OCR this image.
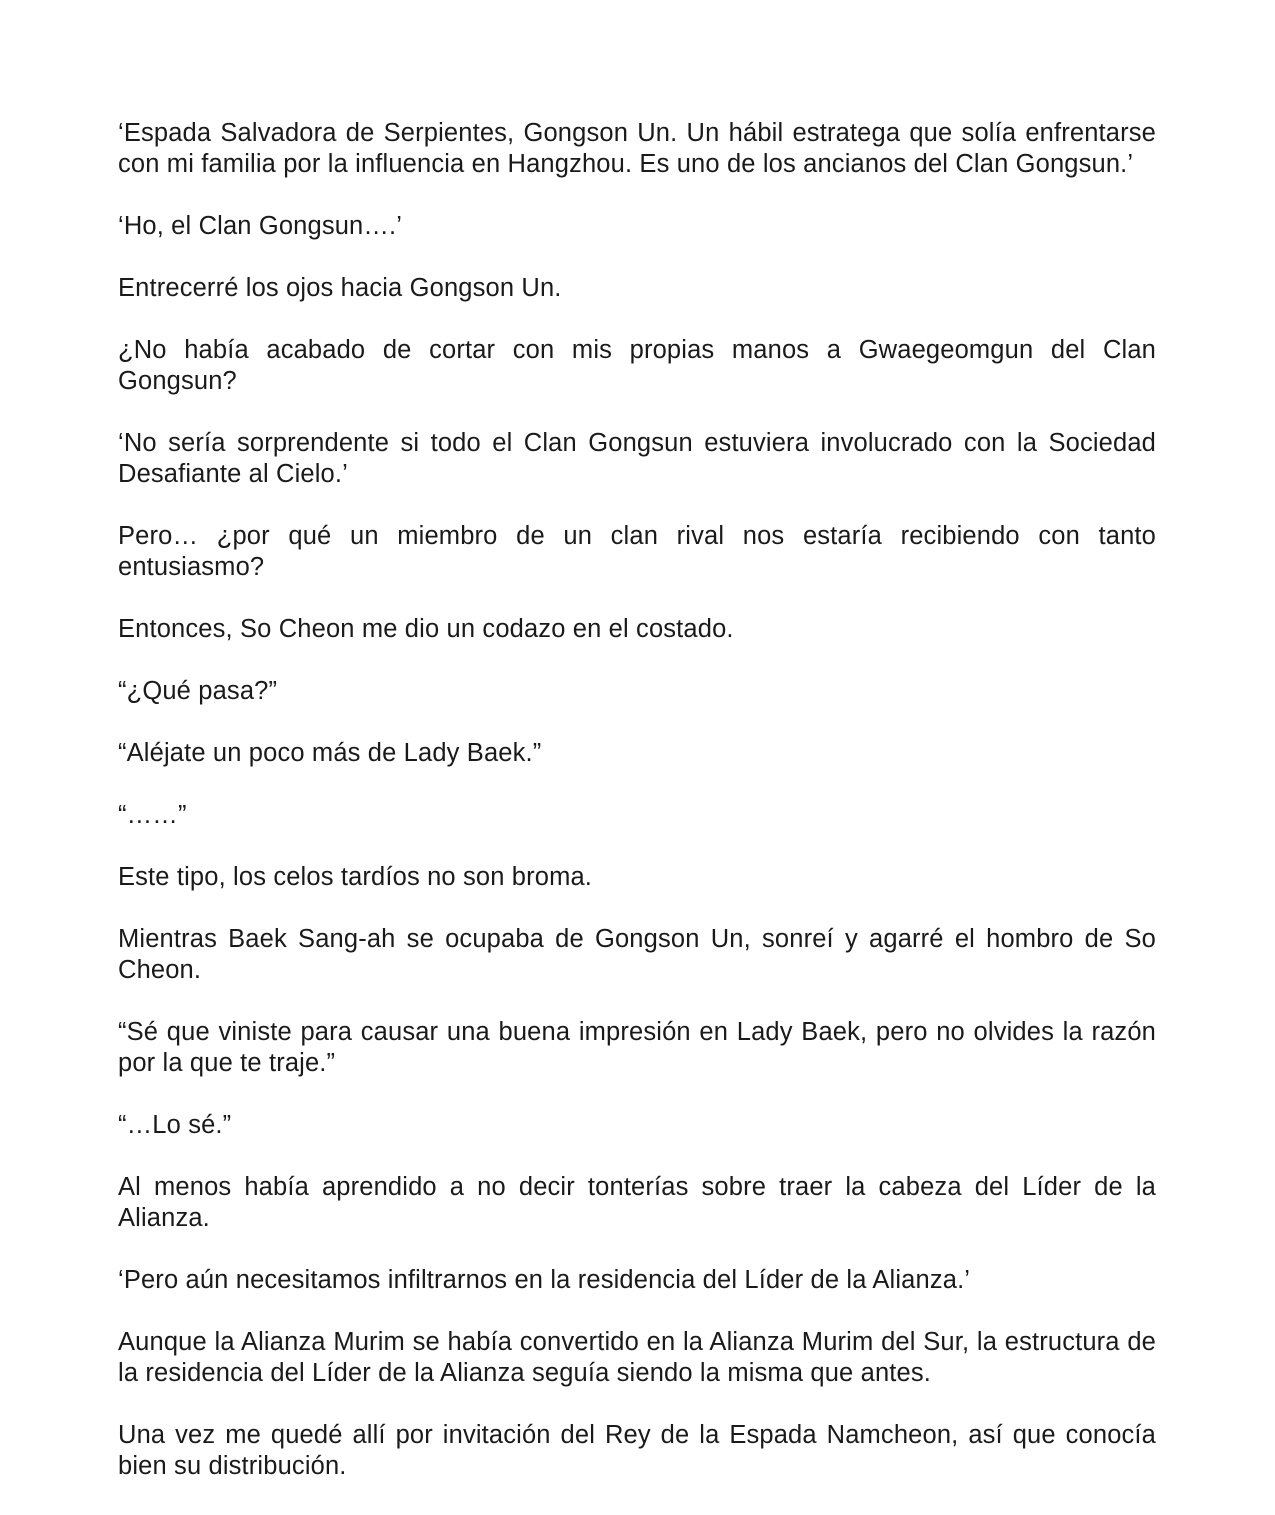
‘Espada Salvadora de Serpientes, Gongson Un. Un hábil estratega que solía enfrentarse con mi familia por la influencia en Hangzhou. Es uno de los ancianos del Clan Gongsun.’

‘Ho, el Clan Gongsun….’

Entrecerré los ojos hacia Gongson Un.

¿No había acabado de cortar con mis propias manos a Gwaegeomgun del Clan Gongsun?

‘No sería sorprendente si todo el Clan Gongsun estuviera involucrado con la Sociedad Desafiante al Cielo.’

Pero… ¿por qué un miembro de un clan rival nos estaría recibiendo con tanto entusiasmo?

Entonces, So Cheon me dio un codazo en el costado.

“¿Qué pasa?”

“Aléjate un poco más de Lady Baek.”

“……”

Este tipo, los celos tardíos no son broma.

Mientras Baek Sang-ah se ocupaba de Gongson Un, sonreí y agarré el hombro de So Cheon.

“Sé que viniste para causar una buena impresión en Lady Baek, pero no olvides la razón por la que te traje.”

“…Lo sé.”

Al menos había aprendido a no decir tonterías sobre traer la cabeza del Líder de la Alianza.

‘Pero aún necesitamos infiltrarnos en la residencia del Líder de la Alianza.’

Aunque la Alianza Murim se había convertido en la Alianza Murim del Sur, la estructura de la residencia del Líder de la Alianza seguía siendo la misma que antes.

Una vez me quedé allí por invitación del Rey de la Espada Namcheon, así que conocía bien su distribución.
